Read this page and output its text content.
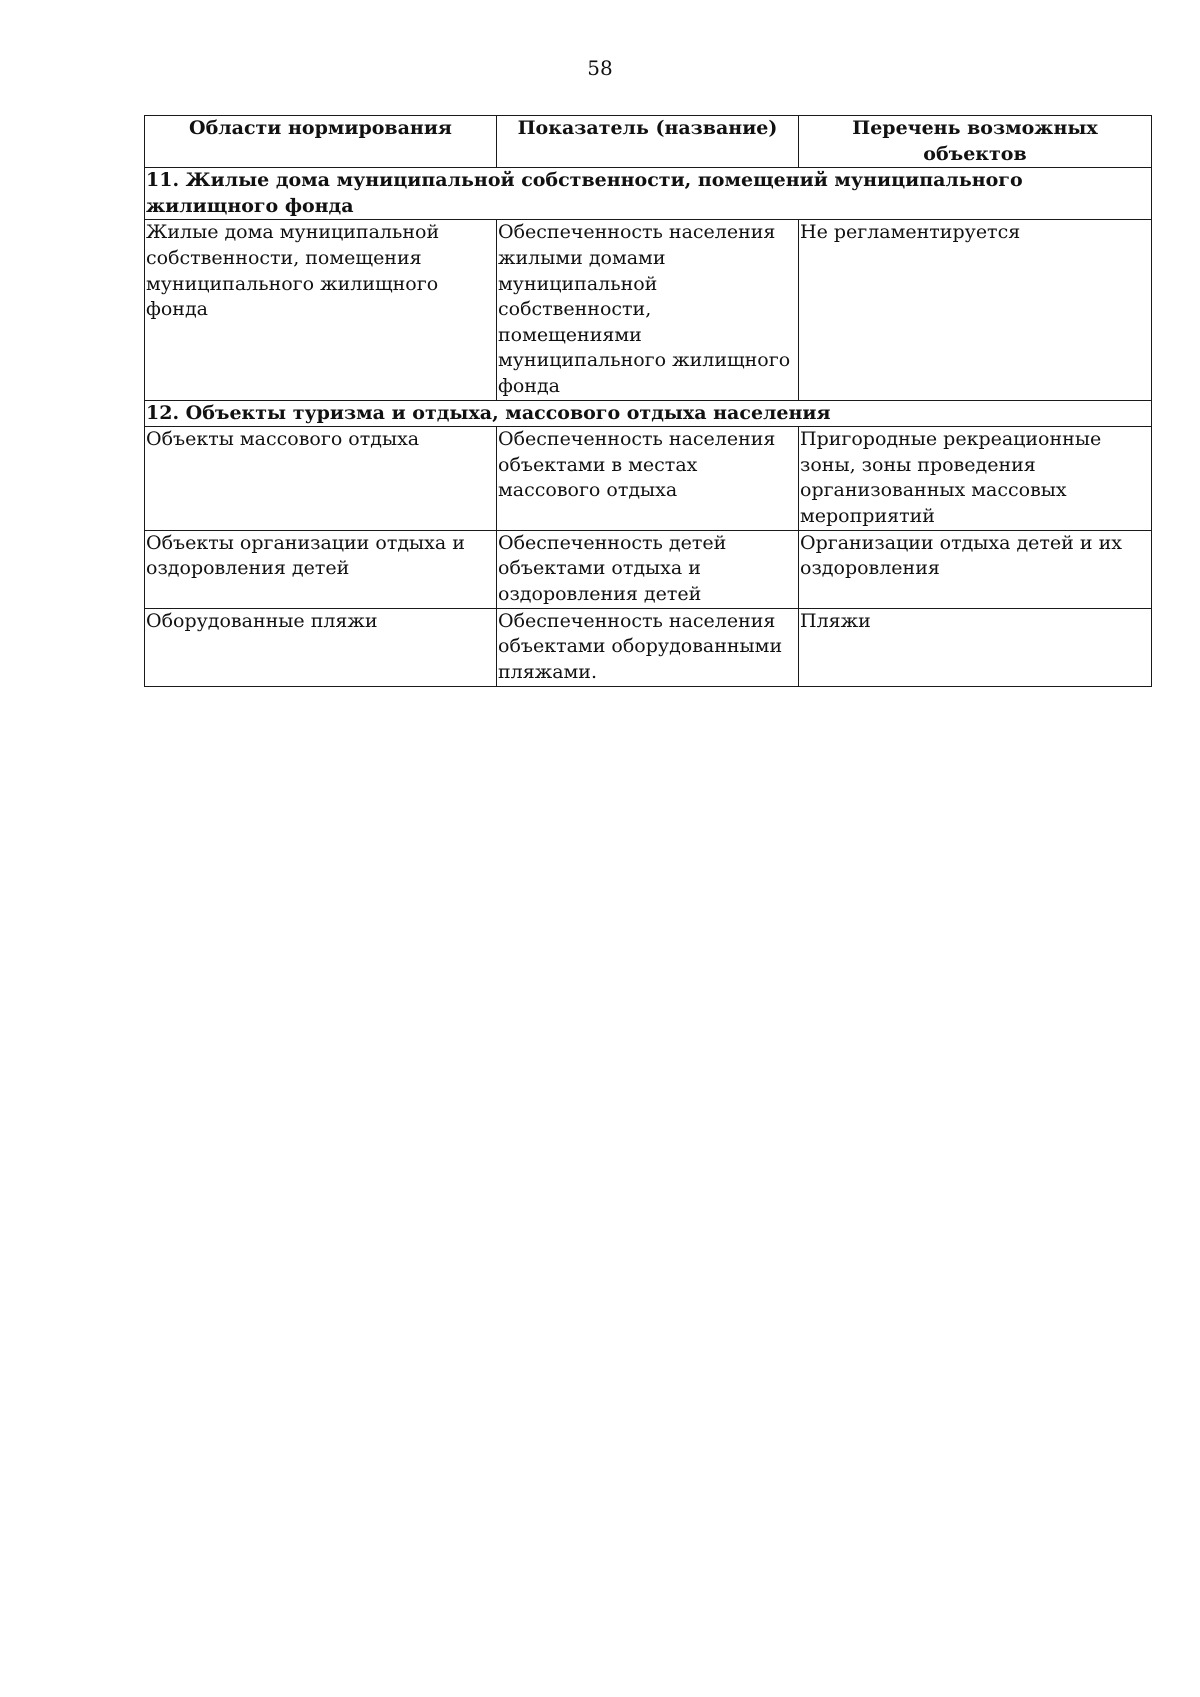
58
Области нормирования	Показатель (название)	Перечень возможных объектов
11. Жилые дома муниципальной собственности, помещений муниципального жилищного фонда		
Жилые дома муниципальной собственности, помещения муниципального жилищного фонда	Обеспеченность населения жилыми домами муниципальной собственности, помещениями муниципального жилищного фонда	Не регламентируется
12. Объекты туризма и отдыха, массового отдыха населения		
Объекты массового отдыха	Обеспеченность населения объектами в местах массового отдыха	Пригородные рекреационные зоны, зоны проведения организованных массовых мероприятий
Объекты организации отдыха и оздоровления детей	Обеспеченность детей объектами отдыха и оздоровления детей	Организации отдыха детей и их оздоровления
Оборудованные пляжи	Обеспеченность населения объектами оборудованными пляжами.	Пляжи
